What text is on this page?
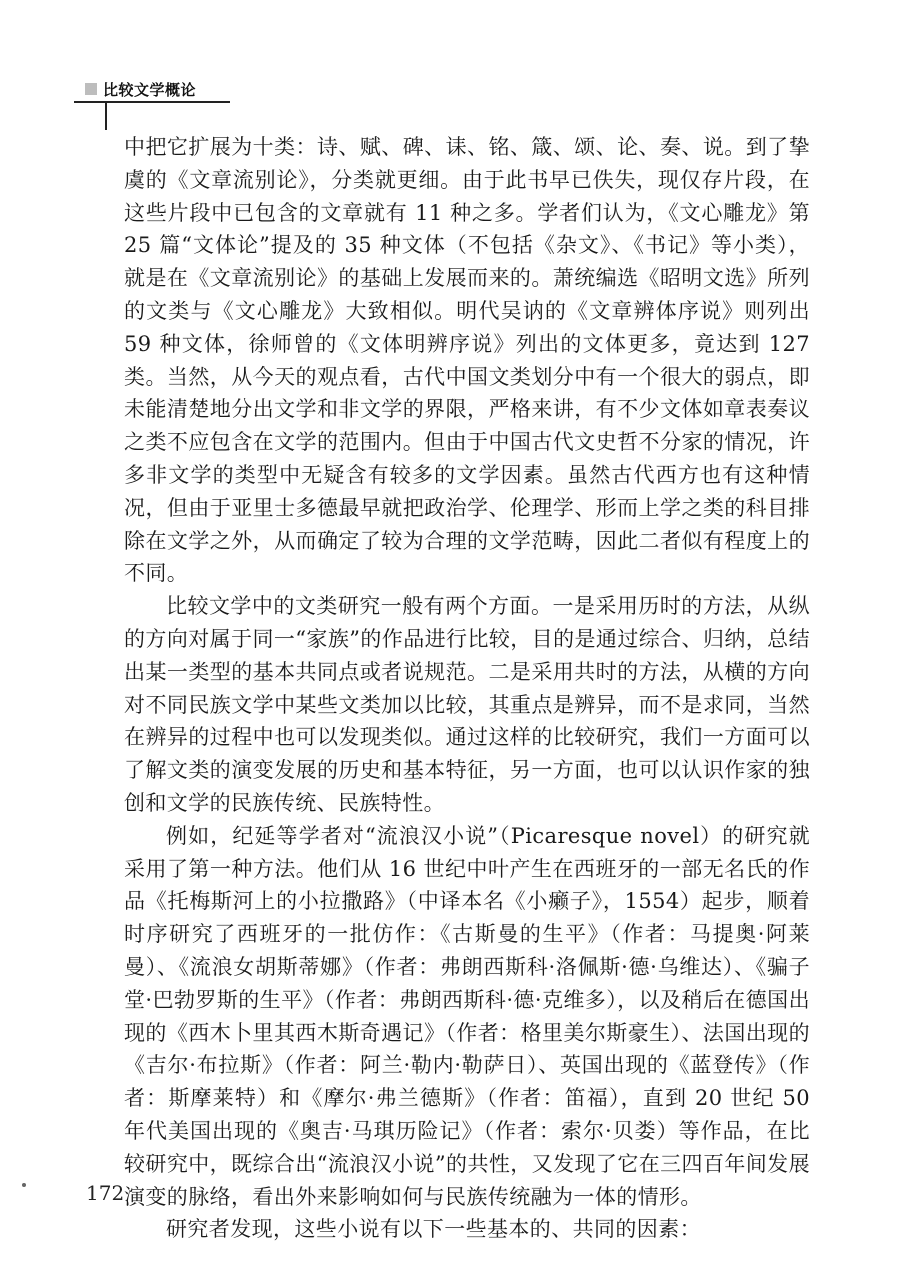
比较文学概论

中把它扩展为十类：诗、赋、碑、诔、铭、箴、颂、论、奏、说。到了挚虞的《文章流别论》，分类就更细。由于此书早已佚失，现仅存片段，在这些片段中已包含的文章就有 11 种之多。学者们认为，《文心雕龙》第 25 篇“文体论”提及的 35 种文体（不包括《杂文》、《书记》等小类），就是在《文章流别论》的基础上发展而来的。萧统编选《昭明文选》所列的文类与《文心雕龙》大致相似。明代吴讷的《文章辨体序说》则列出 59 种文体，徐师曾的《文体明辨序说》列出的文体更多，竟达到 127 类。当然，从今天的观点看，古代中国文类划分中有一个很大的弱点，即未能清楚地分出文学和非文学的界限，严格来讲，有不少文体如章表奏议之类不应包含在文学的范围内。但由于中国古代文史哲不分家的情况，许多非文学的类型中无疑含有较多的文学因素。虽然古代西方也有这种情况，但由于亚里士多德最早就把政治学、伦理学、形而上学之类的科目排除在文学之外，从而确定了较为合理的文学范畴，因此二者似有程度上的不同。

比较文学中的文类研究一般有两个方面。一是采用历时的方法，从纵的方向对属于同一“家族”的作品进行比较，目的是通过综合、归纳，总结出某一类型的基本共同点或者说规范。二是采用共时的方法，从横的方向对不同民族文学中某些文类加以比较，其重点是辨异，而不是求同，当然在辨异的过程中也可以发现类似。通过这样的比较研究，我们一方面可以了解文类的演变发展的历史和基本特征，另一方面，也可以认识作家的独创和文学的民族传统、民族特性。

例如，纪延等学者对“流浪汉小说”（Picaresque novel）的研究就采用了第一种方法。他们从 16 世纪中叶产生在西班牙的一部无名氏的作品《托梅斯河上的小拉撒路》（中译本名《小癞子》，1554）起步，顺着时序研究了西班牙的一批仿作：《古斯曼的生平》（作者：马提奥·阿莱曼）、《流浪女胡斯蒂娜》（作者：弗朗西斯科·洛佩斯·德·乌维达）、《骗子堂·巴勃罗斯的生平》（作者：弗朗西斯科·德·克维多），以及稍后在德国出现的《西木卜里其西木斯奇遇记》（作者：格里美尔斯豪生）、法国出现的《吉尔·布拉斯》（作者：阿兰·勒内·勒萨日）、英国出现的《蓝登传》（作者：斯摩莱特）和《摩尔·弗兰德斯》（作者：笛福），直到 20 世纪 50 年代美国出现的《奥吉·马琪历险记》（作者：索尔·贝娄）等作品，在比较研究中，既综合出“流浪汉小说”的共性，又发现了它在三四百年间发展演变的脉络，看出外来影响如何与民族传统融为一体的情形。

研究者发现，这些小说有以下一些基本的、共同的因素：

172
